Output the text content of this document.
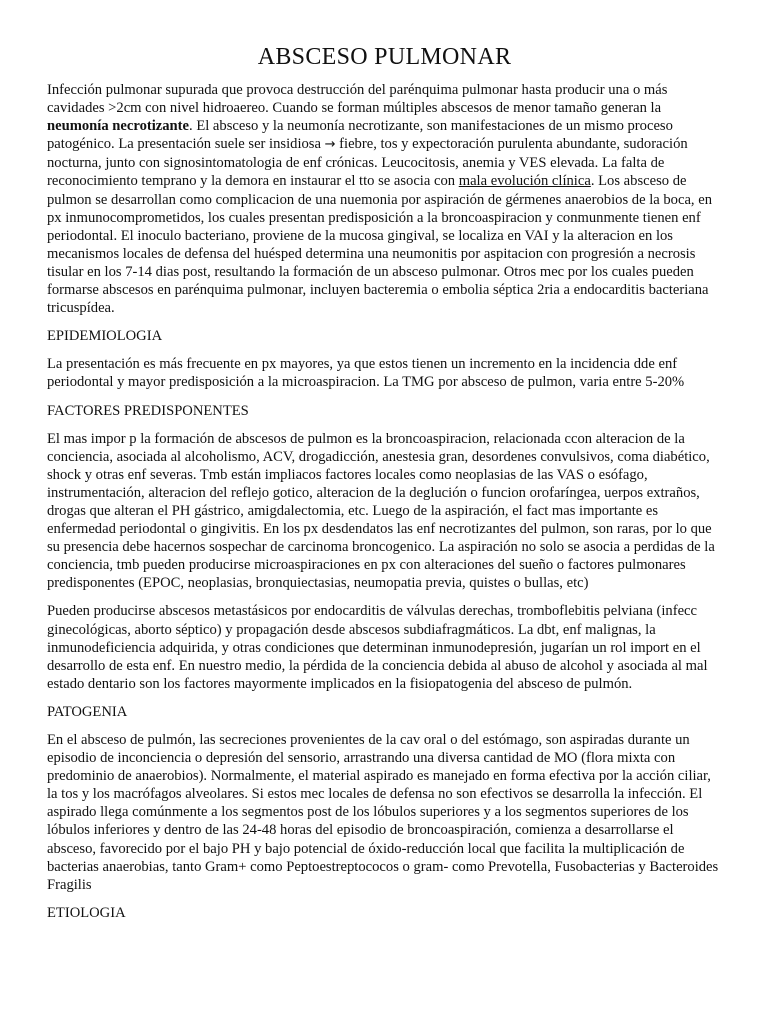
ABSCESO PULMONAR

Infección pulmonar supurada que provoca destrucción del parénquima pulmonar hasta producir una o más cavidades >2cm con nivel hidroaereo. Cuando se forman múltiples abscesos de menor tamaño generan la neumonía necrotizante. El absceso y la neumonía necrotizante, son manifestaciones de un mismo proceso patogénico. La presentación suele ser insidiosa → fiebre, tos y expectoración purulenta abundante, sudoración nocturna, junto con signosintomatologia de enf crónicas. Leucocitosis, anemia y VES elevada. La falta de reconocimiento temprano y la demora en instaurar el tto se asocia con mala evolución clínica. Los absceso de pulmon se desarrollan como complicacion de una nuemonia por aspiración de gérmenes anaerobios de la boca, en px inmunocomprometidos, los cuales presentan predisposición a la broncoaspiracion y conmunmente tienen enf periodontal. El inoculo bacteriano, proviene de la mucosa gingival, se localiza en VAI y la alteracion en los mecanismos locales de defensa del huésped determina una neumonitis por aspitacion con progresión a necrosis tisular en los 7-14 dias post, resultando la formación de un absceso pulmonar. Otros mec por los cuales pueden formarse abscesos en parénquima pulmonar, incluyen bacteremia o embolia séptica 2ria a endocarditis bacteriana tricuspídea.

EPIDEMIOLOGIA

La presentación es más frecuente en px mayores, ya que estos tienen un incremento en la incidencia dde enf periodontal y mayor predisposición a la microaspiracion. La TMG por absceso de pulmon, varia entre 5-20%

FACTORES PREDISPONENTES

El mas impor p la formación de abscesos de pulmon es la broncoaspiracion, relacionada ccon alteracion de la conciencia, asociada al alcoholismo, ACV, drogadicción, anestesia gran, desordenes convulsivos, coma diabético, shock y otras enf severas. Tmb están impliacos factores locales como neoplasias de las VAS o esófago, instrumentación, alteracion del reflejo gotico, alteracion de la deglución o funcion orofaríngea, uerpos extraños, drogas que alteran el PH gástrico, amigdalectomia, etc. Luego de la aspiración, el fact mas importante es enfermedad periodontal o gingivitis. En los px desdendatos las enf necrotizantes del pulmon, son raras, por lo que su presencia debe hacernos sospechar de carcinoma broncogenico. La aspiración no solo se asocia a perdidas de la conciencia, tmb pueden producirse microaspiraciones en px con alteraciones del sueño o factores pulmonares predisponentes (EPOC, neoplasias, bronquiectasias, neumopatia previa, quistes o bullas, etc)

Pueden producirse abscesos metastásicos por endocarditis de válvulas derechas, tromboflebitis pelviana (infecc ginecológicas, aborto séptico) y propagación desde abscesos subdiafragmáticos. La dbt, enf malignas, la inmunodeficiencia adquirida, y otras condiciones que determinan inmunodepresión, jugarían un rol import en el desarrollo de esta enf. En nuestro medio, la pérdida de la conciencia debida al abuso de alcohol y asociada al mal estado dentario son los factores mayormente implicados en la fisiopatogenia del absceso de pulmón.

PATOGENIA

En el absceso de pulmón, las secreciones provenientes de la cav oral o del estómago, son aspiradas durante un episodio de inconciencia o depresión del sensorio, arrastrando una diversa cantidad de MO (flora mixta con predominio de anaerobios). Normalmente, el material aspirado es manejado en forma efectiva por la acción ciliar, la tos y los macrófagos alveolares. Si estos mec locales de defensa no son efectivos se desarrolla la infección. El aspirado llega comúnmente a los segmentos post de los lóbulos superiores y a los segmentos superiores de los lóbulos inferiores y dentro de las 24-48 horas del episodio de broncoaspiración, comienza a desarrollarse el absceso, favorecido por el bajo PH y bajo potencial de óxido-reducción local que facilita la multiplicación de bacterias anaerobias, tanto Gram+ como Peptoestreptococos o gram- como Prevotella, Fusobacterias y Bacteroides Fragilis

ETIOLOGIA
